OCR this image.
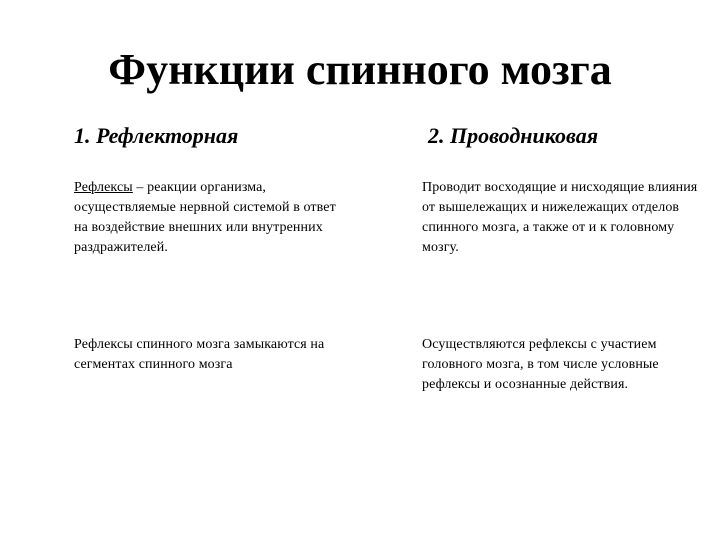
Функции спинного мозга
1. Рефлекторная	2. Проводниковая

Рефлексы – реакции организма, осуществляемые нервной системой в ответ на воздействие внешних или внутренних раздражителей.

Рефлексы спинного мозга замыкаются на сегментах спинного мозга

Проводит восходящие и нисходящие влияния от вышележащих и нижележащих отделов спинного мозга, а также от и к головному мозгу.

Осуществляются рефлексы с участием головного мозга, в том числе условные рефлексы и осознанные действия.
